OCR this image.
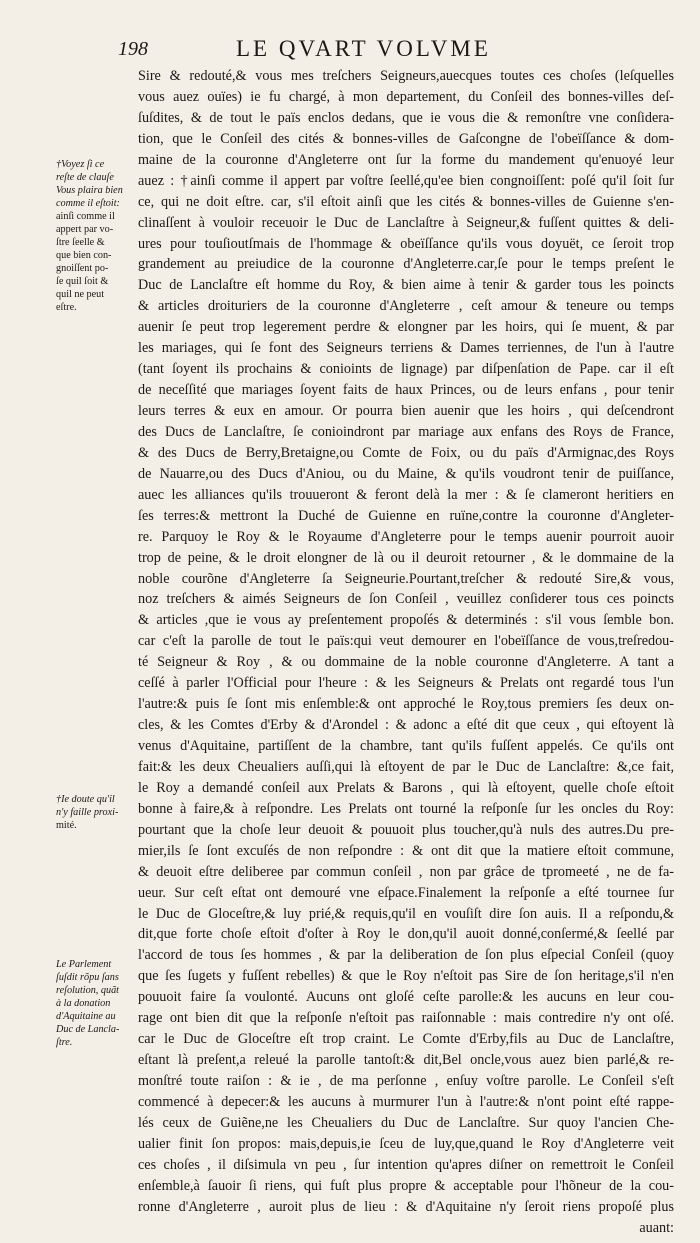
198	LE QVART VOLVME
Sire & redouté,& vous mes treſchers Seigneurs,auecques toutes ces choſes (leſquelles
vous auez ouïes) ie fu chargé, à mon departement, du Conſeil des bonnes-villes deſ-
ſuſdites, & de tout le païs enclos dedans, que ie vous die & remonſtre vne conſidera-
tion, que le Conſeil des cités & bonnes-villes de Gaſcongne de l'obeïſſance & dom-
maine de la couronne d'Angleterre ont ſur la forme du mandement qu'enuoyé leur
auez : †ainſi comme il appert par voſtre ſeellé,qu'ee bien congnoiſſent: poſé qu'il ſoit ſur
ce, qui ne doit eſtre. car, s'il eſtoit ainſi que les cités & bonnes-villes de Guienne s'en-
clinaſſent à vouloir receuoir le Duc de Lanclaſtre à Seigneur,& fuſſent quittes & deli-
ures pour touſioutſmais de l'hommage & obeïſſance qu'ils vous doyuët, ce ſeroit trop
grandement au preiudice de la couronne d'Angleterre.car,ſe pour le temps preſent le
Duc de Lanclaſtre eſt homme du Roy, & bien aime à tenir & garder tous les poincts
& articles droituriers de la couronne d'Angleterre , ceſt amour & teneure ou temps
auenir ſe peut trop legerement perdre & elongner par les hoirs, qui ſe muent, & par
les mariages, qui ſe font des Seigneurs terriens & Dames terriennes, de l'un à l'autre
(tant ſoyent ils prochains & conioints de lignage) par diſpenſation de Pape. car il eſt
de neceſſité que mariages ſoyent faits de haux Princes, ou de leurs enfans , pour tenir
leurs terres & eux en amour. Or pourra bien auenir que les hoirs , qui deſcendront
des Ducs de Lanclaſtre, ſe conioindront par mariage aux enfans des Roys de France,
& des Ducs de Berry,Bretaigne,ou Comte de Foix, ou du païs d'Armignac,des Roys
de Nauarre,ou des Ducs d'Aniou, ou du Maine, & qu'ils voudront tenir de puiſſance,
auec les alliances qu'ils trouueront & feront delà la mer : & ſe clameront heritiers en
ſes terres:& mettront la Duché de Guienne en ruïne,contre la couronne d'Angleter-
re. Parquoy le Roy & le Royaume d'Angleterre pour le temps auenir pourroit auoir
trop de peine, & le droit elongner de là ou il deuroit retourner , & le dommaine de la
noble courõne d'Angleterre ſa Seigneurie.Pourtant,treſcher & redouté Sire,& vous,
noz treſchers & aimés Seigneurs de ſon Conſeil , veuillez conſiderer tous ces poincts
& articles ,que ie vous ay preſentement propoſés & determinés : s'il vous ſemble bon.
car c'eſt la parolle de tout le païs:qui veut demourer en l'obeïſſance de vous,treſredou-
té Seigneur & Roy , & ou dommaine de la noble couronne d'Angleterre. A tant a
ceſſé à parler l'Official pour l'heure : & les Seigneurs & Prelats ont regardé tous l'un
l'autre:& puis ſe ſont mis enſemble:& ont approché le Roy,tous premiers ſes deux on-
cles, & les Comtes d'Erby & d'Arondel : & adonc a eſté dit que ceux , qui eſtoyent là
venus d'Aquitaine, partiſſent de la chambre, tant qu'ils fuſſent appelés. Ce qu'ils ont
fait:& les deux Cheualiers auſſi,qui là eſtoyent de par le Duc de Lanclaſtre: &,ce fait,
le Roy a demandé conſeil aux Prelats & Barons , qui là eſtoyent, quelle choſe eſtoit
bonne à faire,& à reſpondre. Les Prelats ont tourné la reſponſe ſur les oncles du Roy:
pourtant que la choſe leur deuoit & pouuoit plus toucher,qu'à nuls des autres.Du pre-
mier,ils ſe ſont excuſés de non reſpondre : & ont dit que la matiere eſtoit commune,
& deuoit eſtre deliberee par commun conſeil , non par grâce de tpromeeté , ne de fa-
ueur. Sur ceſt eſtat ont demouré vne eſpace.Finalement la reſponſe a eſté tournee ſur
le Duc de Gloceſtre,& luy prié,& requis,qu'il en vouſiſt dire ſon auis. Il a reſpondu,&
dit,que forte choſe eſtoit d'oſter à Roy le don,qu'il auoit donné,conſermé,& ſeellé par
l'accord de tous ſes hommes , & par la deliberation de ſon plus eſpecial Conſeil (quoy
que ſes ſugets y fuſſent rebelles) & que le Roy n'eſtoit pas Sire de ſon heritage,s'il n'en
pouuoit faire ſa voulonté. Aucuns ont gloſé ceſte parolle:& les aucuns en leur cou-
rage ont bien dit que la reſponſe n'eſtoit pas raiſonnable : mais contredire n'y ont oſé.
car le Duc de Gloceſtre eſt trop craint. Le Comte d'Erby,fils au Duc de Lanclaſtre,
eſtant là preſent,a releué la parolle tantoſt:& dit,Bel oncle,vous auez bien parlé,& re-
monſtré toute raiſon : & ie , de ma perſonne , enſuy voſtre parolle. Le Conſeil s'eſt
commencé à depecer:& les aucuns à murmurer l'un à l'autre:& n'ont point eſté rappe-
lés ceux de Guiẽne,ne les Cheualiers du Duc de Lanclaſtre. Sur quoy l'ancien Che-
ualier finit ſon propos: mais,depuis,ie ſceu de luy,que,quand le Roy d'Angleterre veit
ces choſes , il diſsimula vn peu , ſur intention qu'apres diſner on remettroit le Conſeil
enſemble,à ſauoir ſi riens, qui fuſt plus propre & acceptable pour l'hõneur de la cou-
ronne d'Angleterre , auroit plus de lieu : & d'Aquitaine n'y ſeroit riens propoſé plus
auant:
†Voyez ſi ce
reſte de clauſe
Vous plaira bien
comme il eſtoit:
ainſi comme il
appert par vo-
ſtre ſeelle &
que bien con-
gnoiſſent po-
ſe quil ſoit &
quil ne peut
eſtre.
†Ie doute qu'il
n'y faille proxi-
mité.
Le Parlement
ſuſdit rõpu ſans
reſolution, quãt
à la donation
d'Aquitaine au
Duc de Lancla-
ſtre.
